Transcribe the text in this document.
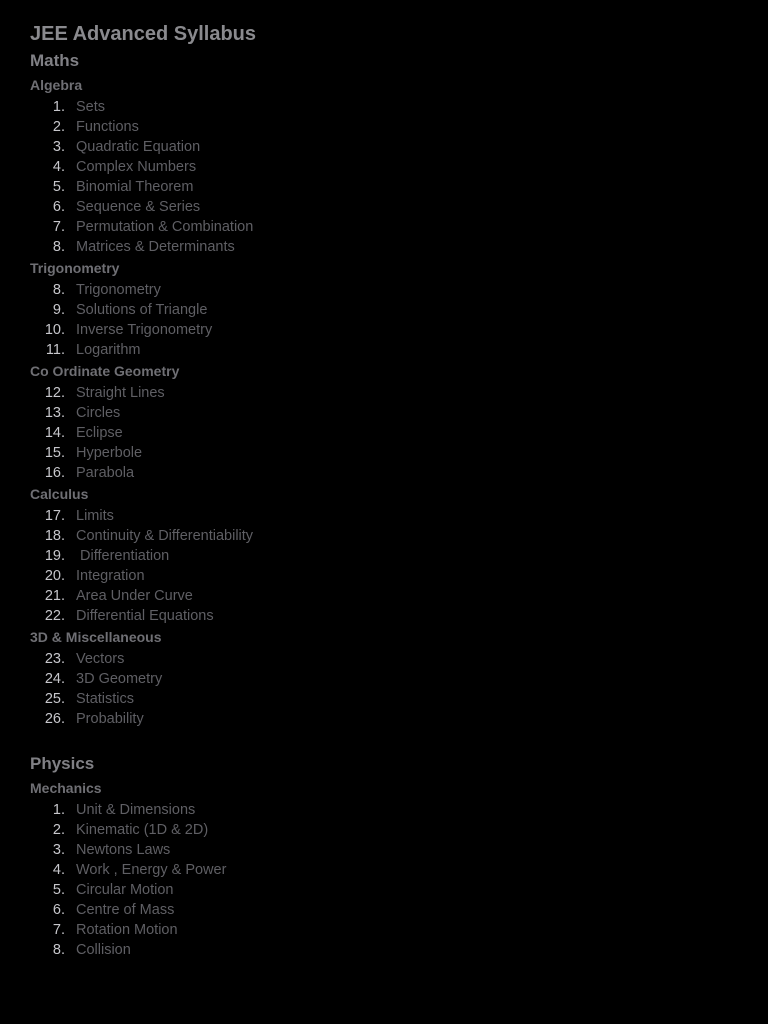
JEE Advanced Syllabus
Maths
Algebra
1. Sets
2. Functions
3. Quadratic Equation
4. Complex Numbers
5. Binomial Theorem
6. Sequence & Series
7. Permutation & Combination
8. Matrices & Determinants
Trigonometry
8. Trigonometry
9. Solutions of Triangle
10. Inverse Trigonometry
11. Logarithm
Co Ordinate Geometry
12. Straight Lines
13. Circles
14. Eclipse
15. Hyperbole
16. Parabola
Calculus
17. Limits
18. Continuity & Differentiability
19. Differentiation
20. Integration
21. Area Under Curve
22. Differential Equations
3D & Miscellaneous
23. Vectors
24. 3D Geometry
25. Statistics
26. Probability
Physics
Mechanics
1. Unit & Dimensions
2. Kinematic (1D & 2D)
3. Newtons Laws
4. Work , Energy & Power
5. Circular Motion
6. Centre of Mass
7. Rotation Motion
8. Collision
